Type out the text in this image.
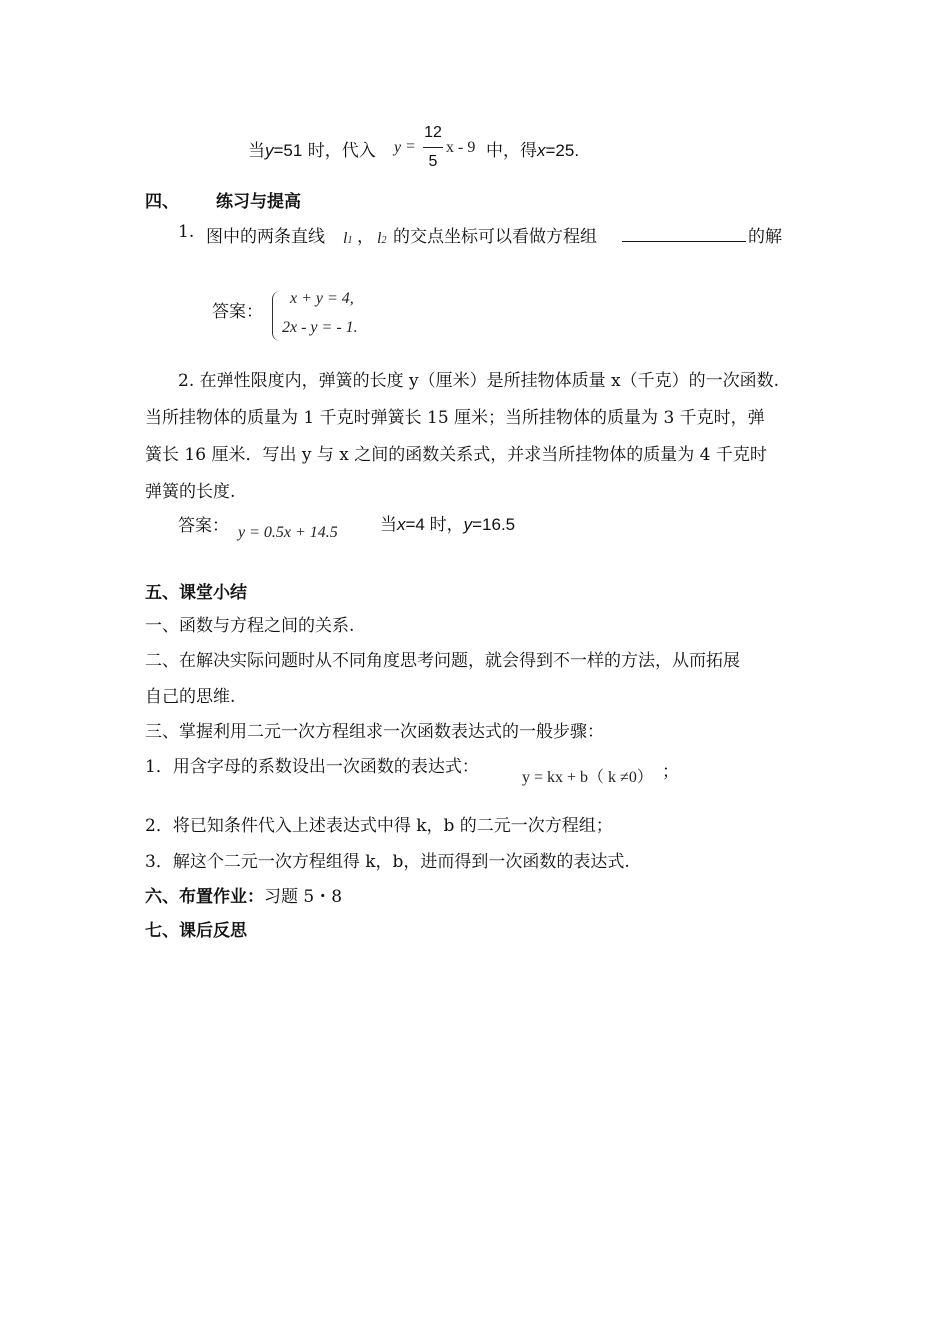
当y=51 时，代入 y =
12
5
x - 9 中，得x=25.
四、 练习与提高
1. 图中的两条直线 l1 ， l2 的交点坐标可以看做方程组	的解
答案：
x + y = 4,
2x - y = - 1.
2. 在弹性限度内，弹簧的长度 y（厘米）是所挂物体质量 x（千克）的一次函数.
当所挂物体的质量为 1 千克时弹簧长 15 厘米；当所挂物体的质量为 3 千克时，弹
簧长 16 厘米．写出 y 与 x 之间的函数关系式，并求当所挂物体的质量为 4 千克时
弹簧的长度.
答案： y = 0.5x + 14.5 当x=4 时，y=16.5
五、课堂小结
一、函数与方程之间的关系.
二、在解决实际问题时从不同角度思考问题，就会得到不一样的方法，从而拓展
自己的思维.
三、掌握利用二元一次方程组求一次函数表达式的一般步骤：
1．用含字母的系数设出一次函数的表达式：
y = kx + b（ k ≠0） ；
2．将已知条件代入上述表达式中得 k，b 的二元一次方程组；
3．解这个二元一次方程组得 k，b，进而得到一次函数的表达式.
六、布置作业：习题 5・8
七、课后反思
